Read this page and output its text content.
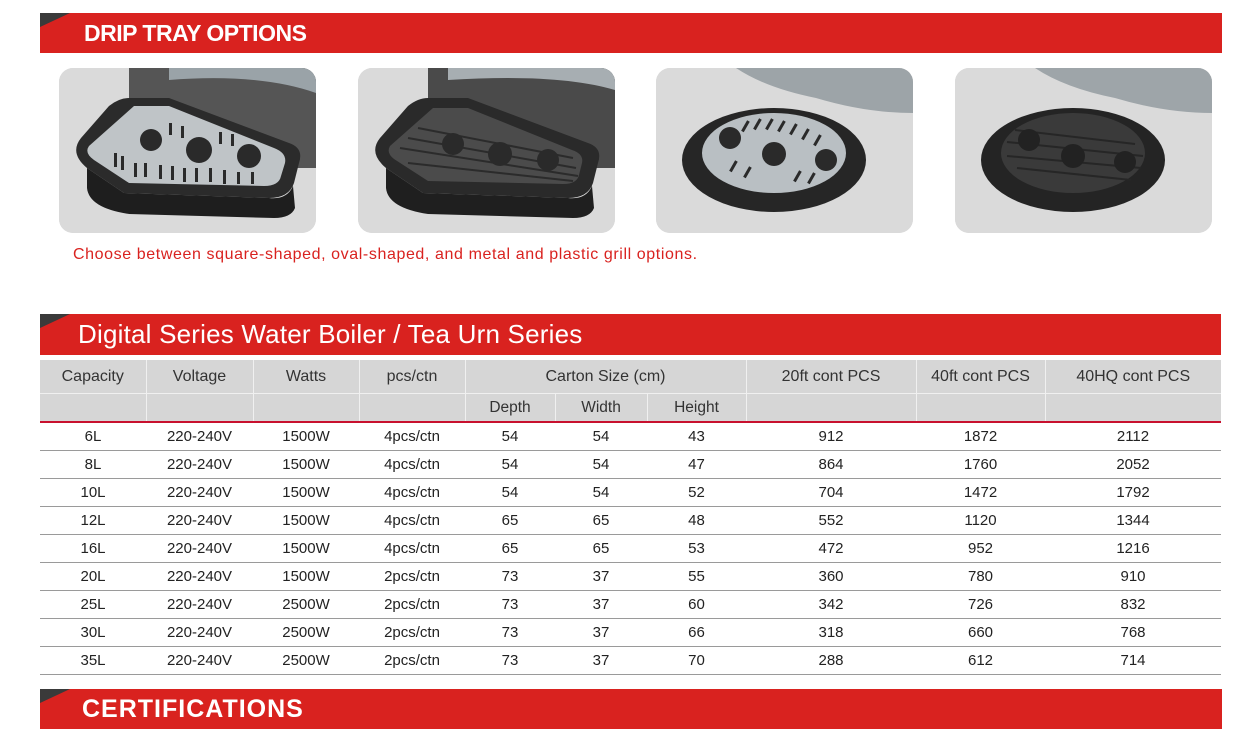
DRIP TRAY OPTIONS
Choose between square-shaped, oval-shaped, and metal and plastic grill options.
Digital Series Water Boiler / Tea Urn Series
Capacity	Voltage	Watts	pcs/ctn	Carton Size (cm)			20ft cont PCS	40ft cont PCS	40HQ cont PCS
				Depth	Width	Height			
6L	220-240V	1500W	4pcs/ctn	54	54	43	912	1872	2112
8L	220-240V	1500W	4pcs/ctn	54	54	47	864	1760	2052
10L	220-240V	1500W	4pcs/ctn	54	54	52	704	1472	1792
12L	220-240V	1500W	4pcs/ctn	65	65	48	552	1120	1344
16L	220-240V	1500W	4pcs/ctn	65	65	53	472	952	1216
20L	220-240V	1500W	2pcs/ctn	73	37	55	360	780	910
25L	220-240V	2500W	2pcs/ctn	73	37	60	342	726	832
30L	220-240V	2500W	2pcs/ctn	73	37	66	318	660	768
35L	220-240V	2500W	2pcs/ctn	73	37	70	288	612	714
CERTIFICATIONS
